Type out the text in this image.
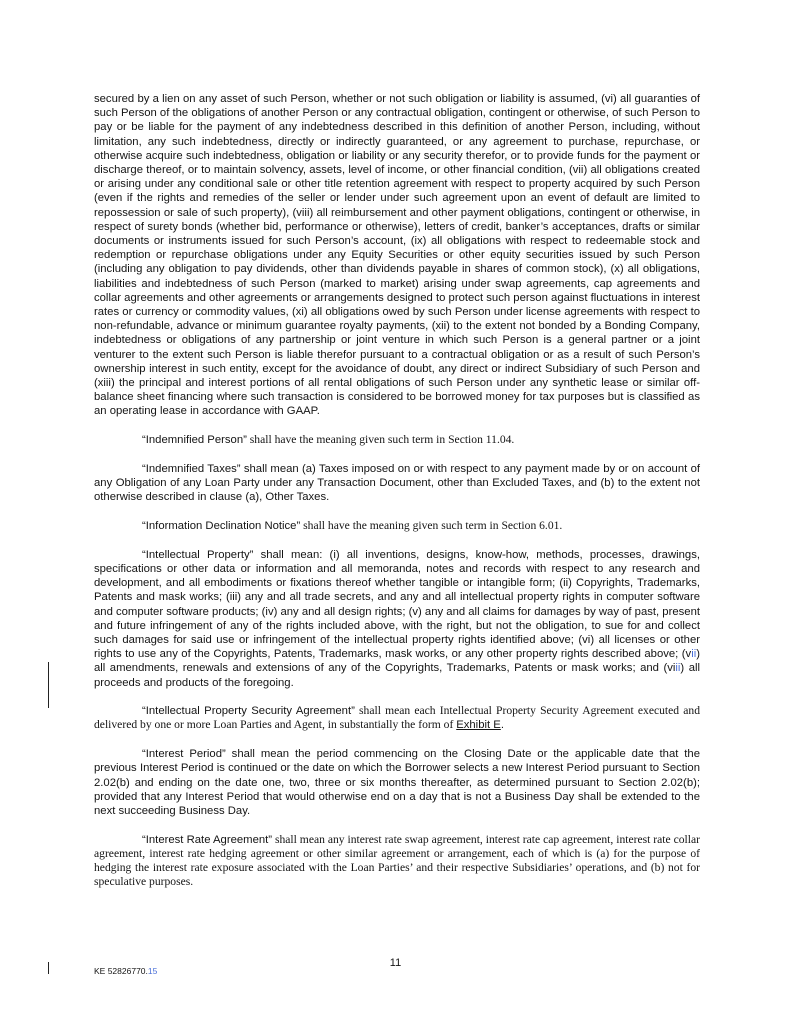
secured by a lien on any asset of such Person, whether or not such obligation or liability is assumed, (vi) all guaranties of such Person of the obligations of another Person or any contractual obligation, contingent or otherwise, of such Person to pay or be liable for the payment of any indebtedness described in this definition of another Person, including, without limitation, any such indebtedness, directly or indirectly guaranteed, or any agreement to purchase, repurchase, or otherwise acquire such indebtedness, obligation or liability or any security therefor, or to provide funds for the payment or discharge thereof, or to maintain solvency, assets, level of income, or other financial condition, (vii) all obligations created or arising under any conditional sale or other title retention agreement with respect to property acquired by such Person (even if the rights and remedies of the seller or lender under such agreement upon an event of default are limited to repossession or sale of such property), (viii) all reimbursement and other payment obligations, contingent or otherwise, in respect of surety bonds (whether bid, performance or otherwise), letters of credit, banker’s acceptances, drafts or similar documents or instruments issued for such Person’s account, (ix) all obligations with respect to redeemable stock and redemption or repurchase obligations under any Equity Securities or other equity securities issued by such Person (including any obligation to pay dividends, other than dividends payable in shares of common stock), (x) all obligations, liabilities and indebtedness of such Person (marked to market) arising under swap agreements, cap agreements and collar agreements and other agreements or arrangements designed to protect such person against fluctuations in interest rates or currency or commodity values, (xi) all obligations owed by such Person under license agreements with respect to non-refundable, advance or minimum guarantee royalty payments, (xii) to the extent not bonded by a Bonding Company, indebtedness or obligations of any partnership or joint venture in which such Person is a general partner or a joint venturer to the extent such Person is liable therefor pursuant to a contractual obligation or as a result of such Person’s ownership interest in such entity, except for the avoidance of doubt, any direct or indirect Subsidiary of such Person and (xiii) the principal and interest portions of all rental obligations of such Person under any synthetic lease or similar off-balance sheet financing where such transaction is considered to be borrowed money for tax purposes but is classified as an operating lease in accordance with GAAP.

“Indemnified Person” shall have the meaning given such term in Section 11.04.

“Indemnified Taxes” shall mean (a) Taxes imposed on or with respect to any payment made by or on account of any Obligation of any Loan Party under any Transaction Document, other than Excluded Taxes, and (b) to the extent not otherwise described in clause (a), Other Taxes.

“Information Declination Notice” shall have the meaning given such term in Section 6.01.

“Intellectual Property” shall mean: (i) all inventions, designs, know-how, methods, processes, drawings, specifications or other data or information and all memoranda, notes and records with respect to any research and development, and all embodiments or fixations thereof whether tangible or intangible form; (ii) Copyrights, Trademarks, Patents and mask works; (iii) any and all trade secrets, and any and all intellectual property rights in computer software and computer software products; (iv) any and all design rights; (v) any and all claims for damages by way of past, present and future infringement of any of the rights included above, with the right, but not the obligation, to sue for and collect such damages for said use or infringement of the intellectual property rights identified above; (vi) all licenses or other rights to use any of the Copyrights, Patents, Trademarks, mask works, or any other property rights described above; (vii) all amendments, renewals and extensions of any of the Copyrights, Trademarks, Patents or mask works; and (viii) all proceeds and products of the foregoing.

“Intellectual Property Security Agreement” shall mean each Intellectual Property Security Agreement executed and delivered by one or more Loan Parties and Agent, in substantially the form of Exhibit E.

“Interest Period” shall mean the period commencing on the Closing Date or the applicable date that the previous Interest Period is continued or the date on which the Borrower selects a new Interest Period pursuant to Section 2.02(b) and ending on the date one, two, three or six months thereafter, as determined pursuant to Section 2.02(b); provided that any Interest Period that would otherwise end on a day that is not a Business Day shall be extended to the next succeeding Business Day.

“Interest Rate Agreement” shall mean any interest rate swap agreement, interest rate cap agreement, interest rate collar agreement, interest rate hedging agreement or other similar agreement or arrangement, each of which is (a) for the purpose of hedging the interest rate exposure associated with the Loan Parties’ and their respective Subsidiaries’ operations, and (b) not for speculative purposes.

11
KE 52826770.15
